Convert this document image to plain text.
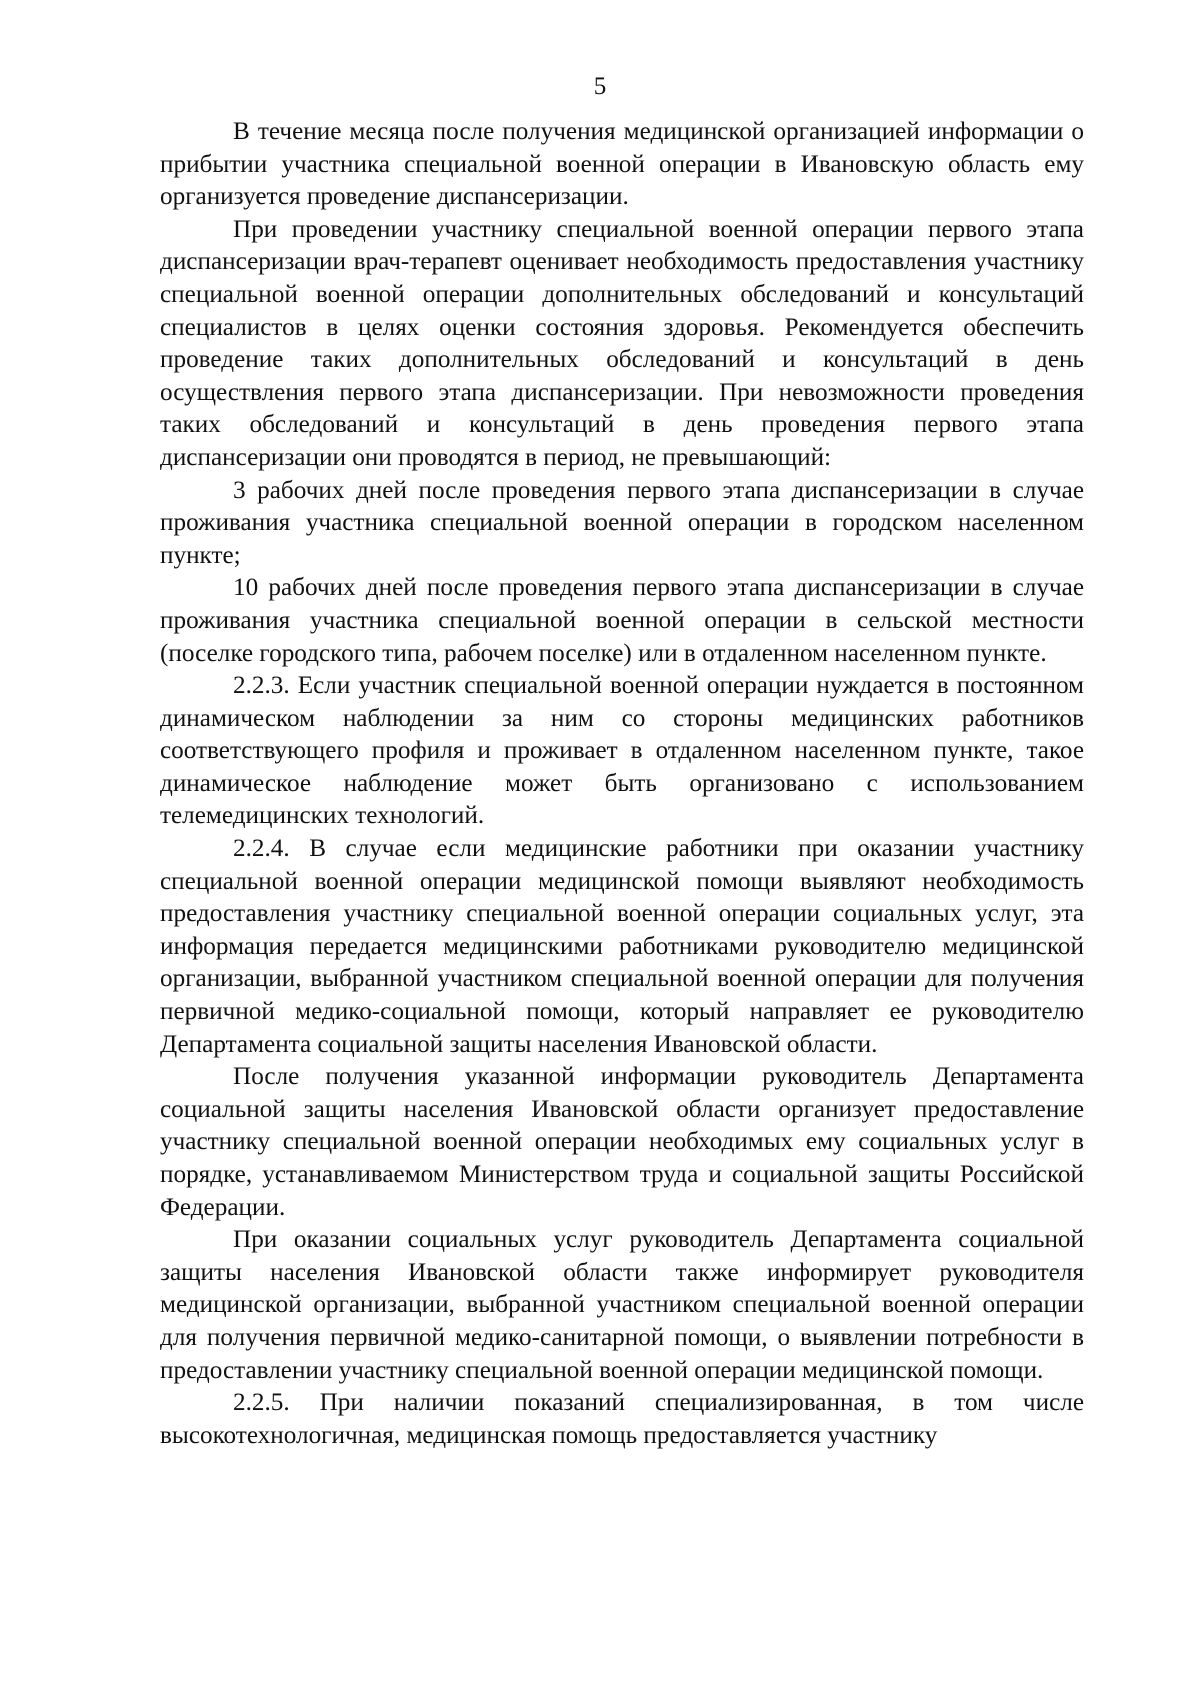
5

В течение месяца после получения медицинской организацией информации о прибытии участника специальной военной операции в Ивановскую область ему организуется проведение диспансеризации.

При проведении участнику специальной военной операции первого этапа диспансеризации врач-терапевт оценивает необходимость предоставления участнику специальной военной операции дополнительных обследований и консультаций специалистов в целях оценки состояния здоровья. Рекомендуется обеспечить проведение таких дополнительных обследований и консультаций в день осуществления первого этапа диспансеризации. При невозможности проведения таких обследований и консультаций в день проведения первого этапа диспансеризации они проводятся в период, не превышающий:

3 рабочих дней после проведения первого этапа диспансеризации в случае проживания участника специальной военной операции в городском населенном пункте;

10 рабочих дней после проведения первого этапа диспансеризации в случае проживания участника специальной военной операции в сельской местности (поселке городского типа, рабочем поселке) или в отдаленном населенном пункте.

2.2.3. Если участник специальной военной операции нуждается в постоянном динамическом наблюдении за ним со стороны медицинских работников соответствующего профиля и проживает в отдаленном населенном пункте, такое динамическое наблюдение может быть организовано с использованием телемедицинских технологий.

2.2.4. В случае если медицинские работники при оказании участнику специальной военной операции медицинской помощи выявляют необходимость предоставления участнику специальной военной операции социальных услуг, эта информация передается медицинскими работниками руководителю медицинской организации, выбранной участником специальной военной операции для получения первичной медико-социальной помощи, который направляет ее руководителю Департамента социальной защиты населения Ивановской области.

После получения указанной информации руководитель Департамента социальной защиты населения Ивановской области организует предоставление участнику специальной военной операции необходимых ему социальных услуг в порядке, устанавливаемом Министерством труда и социальной защиты Российской Федерации.

При оказании социальных услуг руководитель Департамента социальной защиты населения Ивановской области также информирует руководителя медицинской организации, выбранной участником специальной военной операции для получения первичной медико-санитарной помощи, о выявлении потребности в предоставлении участнику специальной военной операции медицинской помощи.

2.2.5. При наличии показаний специализированная, в том числе высокотехнологичная, медицинская помощь предоставляется участнику
